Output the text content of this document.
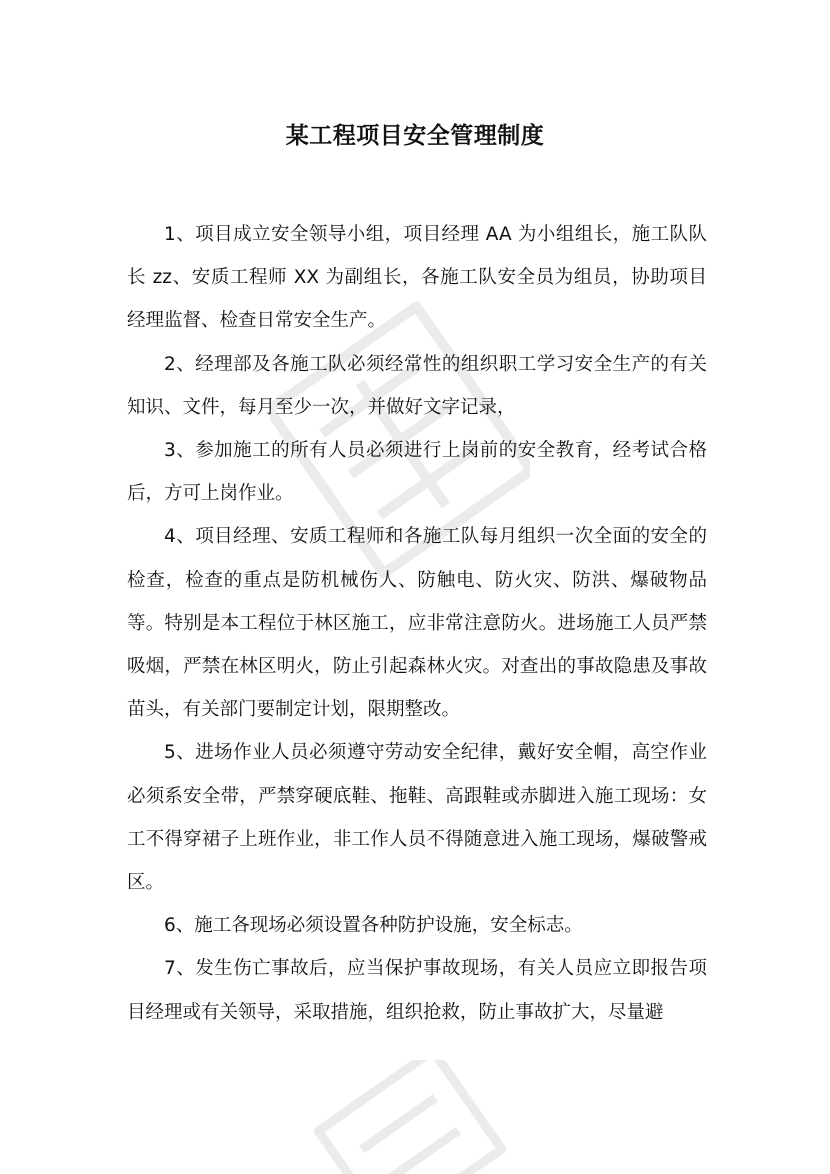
某工程项目安全管理制度

1、项目成立安全领导小组，项目经理 AA 为小组组长，施工队队长 zz、安质工程师 XX 为副组长，各施工队安全员为组员，协助项目经理监督、检查日常安全生产。

2、经理部及各施工队必须经常性的组织职工学习安全生产的有关知识、文件，每月至少一次，并做好文字记录，

3、参加施工的所有人员必须进行上岗前的安全教育，经考试合格后，方可上岗作业。

4、项目经理、安质工程师和各施工队每月组织一次全面的安全的检查，检查的重点是防机械伤人、防触电、防火灾、防洪、爆破物品等。特别是本工程位于林区施工，应非常注意防火。进场施工人员严禁吸烟，严禁在林区明火，防止引起森林火灾。对查出的事故隐患及事故苗头，有关部门要制定计划，限期整改。

5、进场作业人员必须遵守劳动安全纪律，戴好安全帽，高空作业必须系安全带，严禁穿硬底鞋、拖鞋、高跟鞋或赤脚进入施工现场：女工不得穿裙子上班作业，非工作人员不得随意进入施工现场，爆破警戒区。

6、施工各现场必须设置各种防护设施，安全标志。

7、发生伤亡事故后，应当保护事故现场，有关人员应立即报告项目经理或有关领导，采取措施，组织抢救，防止事故扩大，尽量避
